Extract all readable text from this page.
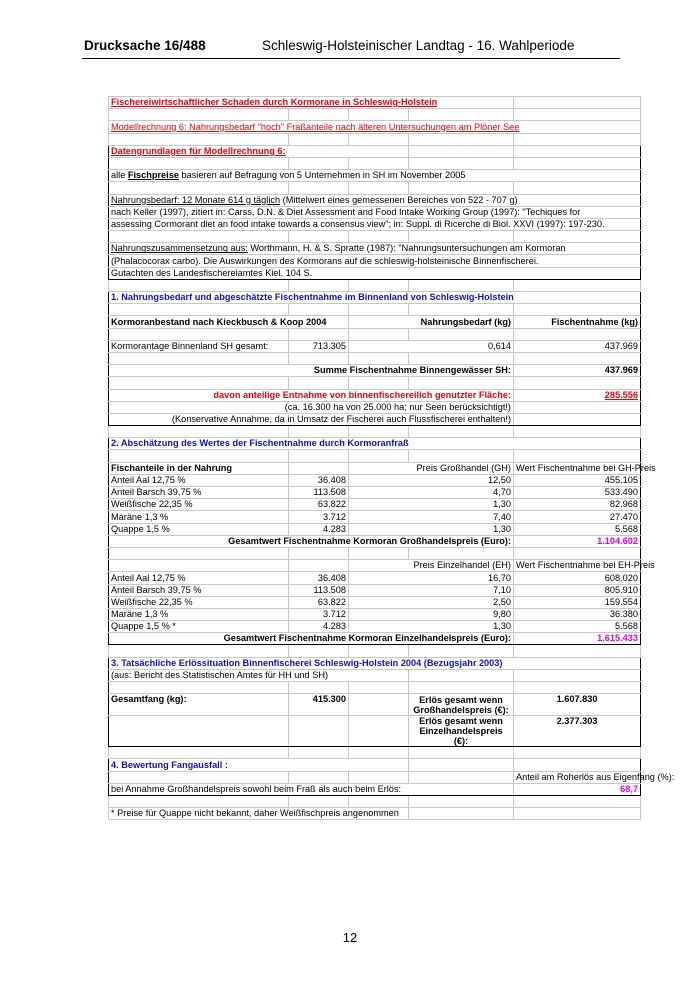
Drucksache 16/488	Schleswig-Holsteinischer Landtag - 16. Wahlperiode
Fischereiwirtschaftlicher Schaden durch Kormorane in Schleswig-Holstein				

Modellrechnung 6: Nahrungsbedarf "hoch" Fraßanteile nach älteren Untersuchungen am Plöner See				

Datengrundlagen für Modellrechnung 6:				

alle Fischpreise basieren auf Befragung von 5 Unternehmen in SH im November 2005				

Nahrungsbedarf: 12 Monate 614 g täglich (Mittelwert eines gemessenen Bereiches von 522 - 707 g)				
nach Keller (1997), zitiert in: Carss, D.N. & Diet Assessment and Food Intake Working Group (1997): "Techiques for				
assessing Cormorant diet an food intake towards a consensus view"; in: Suppl. di Ricerche di Biol. XXVI (1997): 197-230.				

Nahrungszusammensetzung aus: Worthmann, H. & S. Spratte (1987): "Nahrungsuntersuchungen am Kormoran				
(Phalacocorax carbo). Die Auswirkungen des Kormorans auf die schleswig-holsteinische Binnenfischerei.				
Gutachten des Landesfischereiamtes Kiel. 104 S.				

1. Nahrungsbedarf und abgeschätzte Fischentnahme im Binnenland von Schleswig-Holstein				

Kormoranbestand nach Kieckbusch & Koop 2004		Nahrungsbedarf (kg)		Fischentnahme (kg)

Kormorantage Binnenland SH gesamt:	713.305	0,614		437.969

Summe Fischentnahme Binnengewässer SH:				437.969

davon anteilige Entnahme von binnenfischereilich genutzter Fläche:				285.556
(ca. 16.300 ha von 25.000 ha; nur Seen berücksichtigt!)				
(Konservative Annahme, da in Umsatz der Fischerei auch Flussfischerei enthalten!)				

2. Abschätzung des Wertes der Fischentnahme durch Kormoranfraß				

Fischanteile in der Nahrung		Preis Großhandel (GH)		Wert Fischentnahme bei GH-Preis
Anteil Aal 12,75 %	36.408	12,50		455.105
Anteil Barsch 39,75 %	113.508	4,70		533.490
Weißfische 22,35 %	63.822	1,30		82.968
Maräne 1,3 %	3.712	7,40		27.470
Quappe 1,5 %	4.283	1,30		5.568
Gesamtwert Fischentnahme Kormoran Großhandelspreis (Euro):				1.104.602

		Preis Einzelhandel (EH)		Wert Fischentnahme bei EH-Preis
Anteil Aal 12,75 %	36.408	16,70		608.020
Anteil Barsch 39,75 %	113.508	7,10		805.910
Weißfische 22,35 %	63.822	2,50		159.554
Maräne 1,3 %	3.712	9,80		36.380
Quappe 1,5 % *	4.283	1,30		5.568
Gesamtwert Fischentnahme Kormoran Einzelhandelspreis (Euro):				1.615.433

3. Tatsächliche Erlössituation Binnenfischerei Schleswig-Holstein 2004 (Bezugsjahr 2003)				
(aus: Bericht des Statistischen Amtes für HH und SH)				

Gesamtfang (kg):	415.300		Erlös gesamt wenn Großhandelspreis (€):	1.607.830
			Erlös gesamt wenn Einzelhandelspreis (€):	2.377.303

4. Bewertung Fangausfall :				
				Anteil am Roherlös aus Eigenfang (%):
bei Annahme Großhandelspreis sowohl beim Fraß als auch beim Erlös:				68,7

* Preise für Quappe nicht bekannt, daher Weißfischpreis angenommen				
12
